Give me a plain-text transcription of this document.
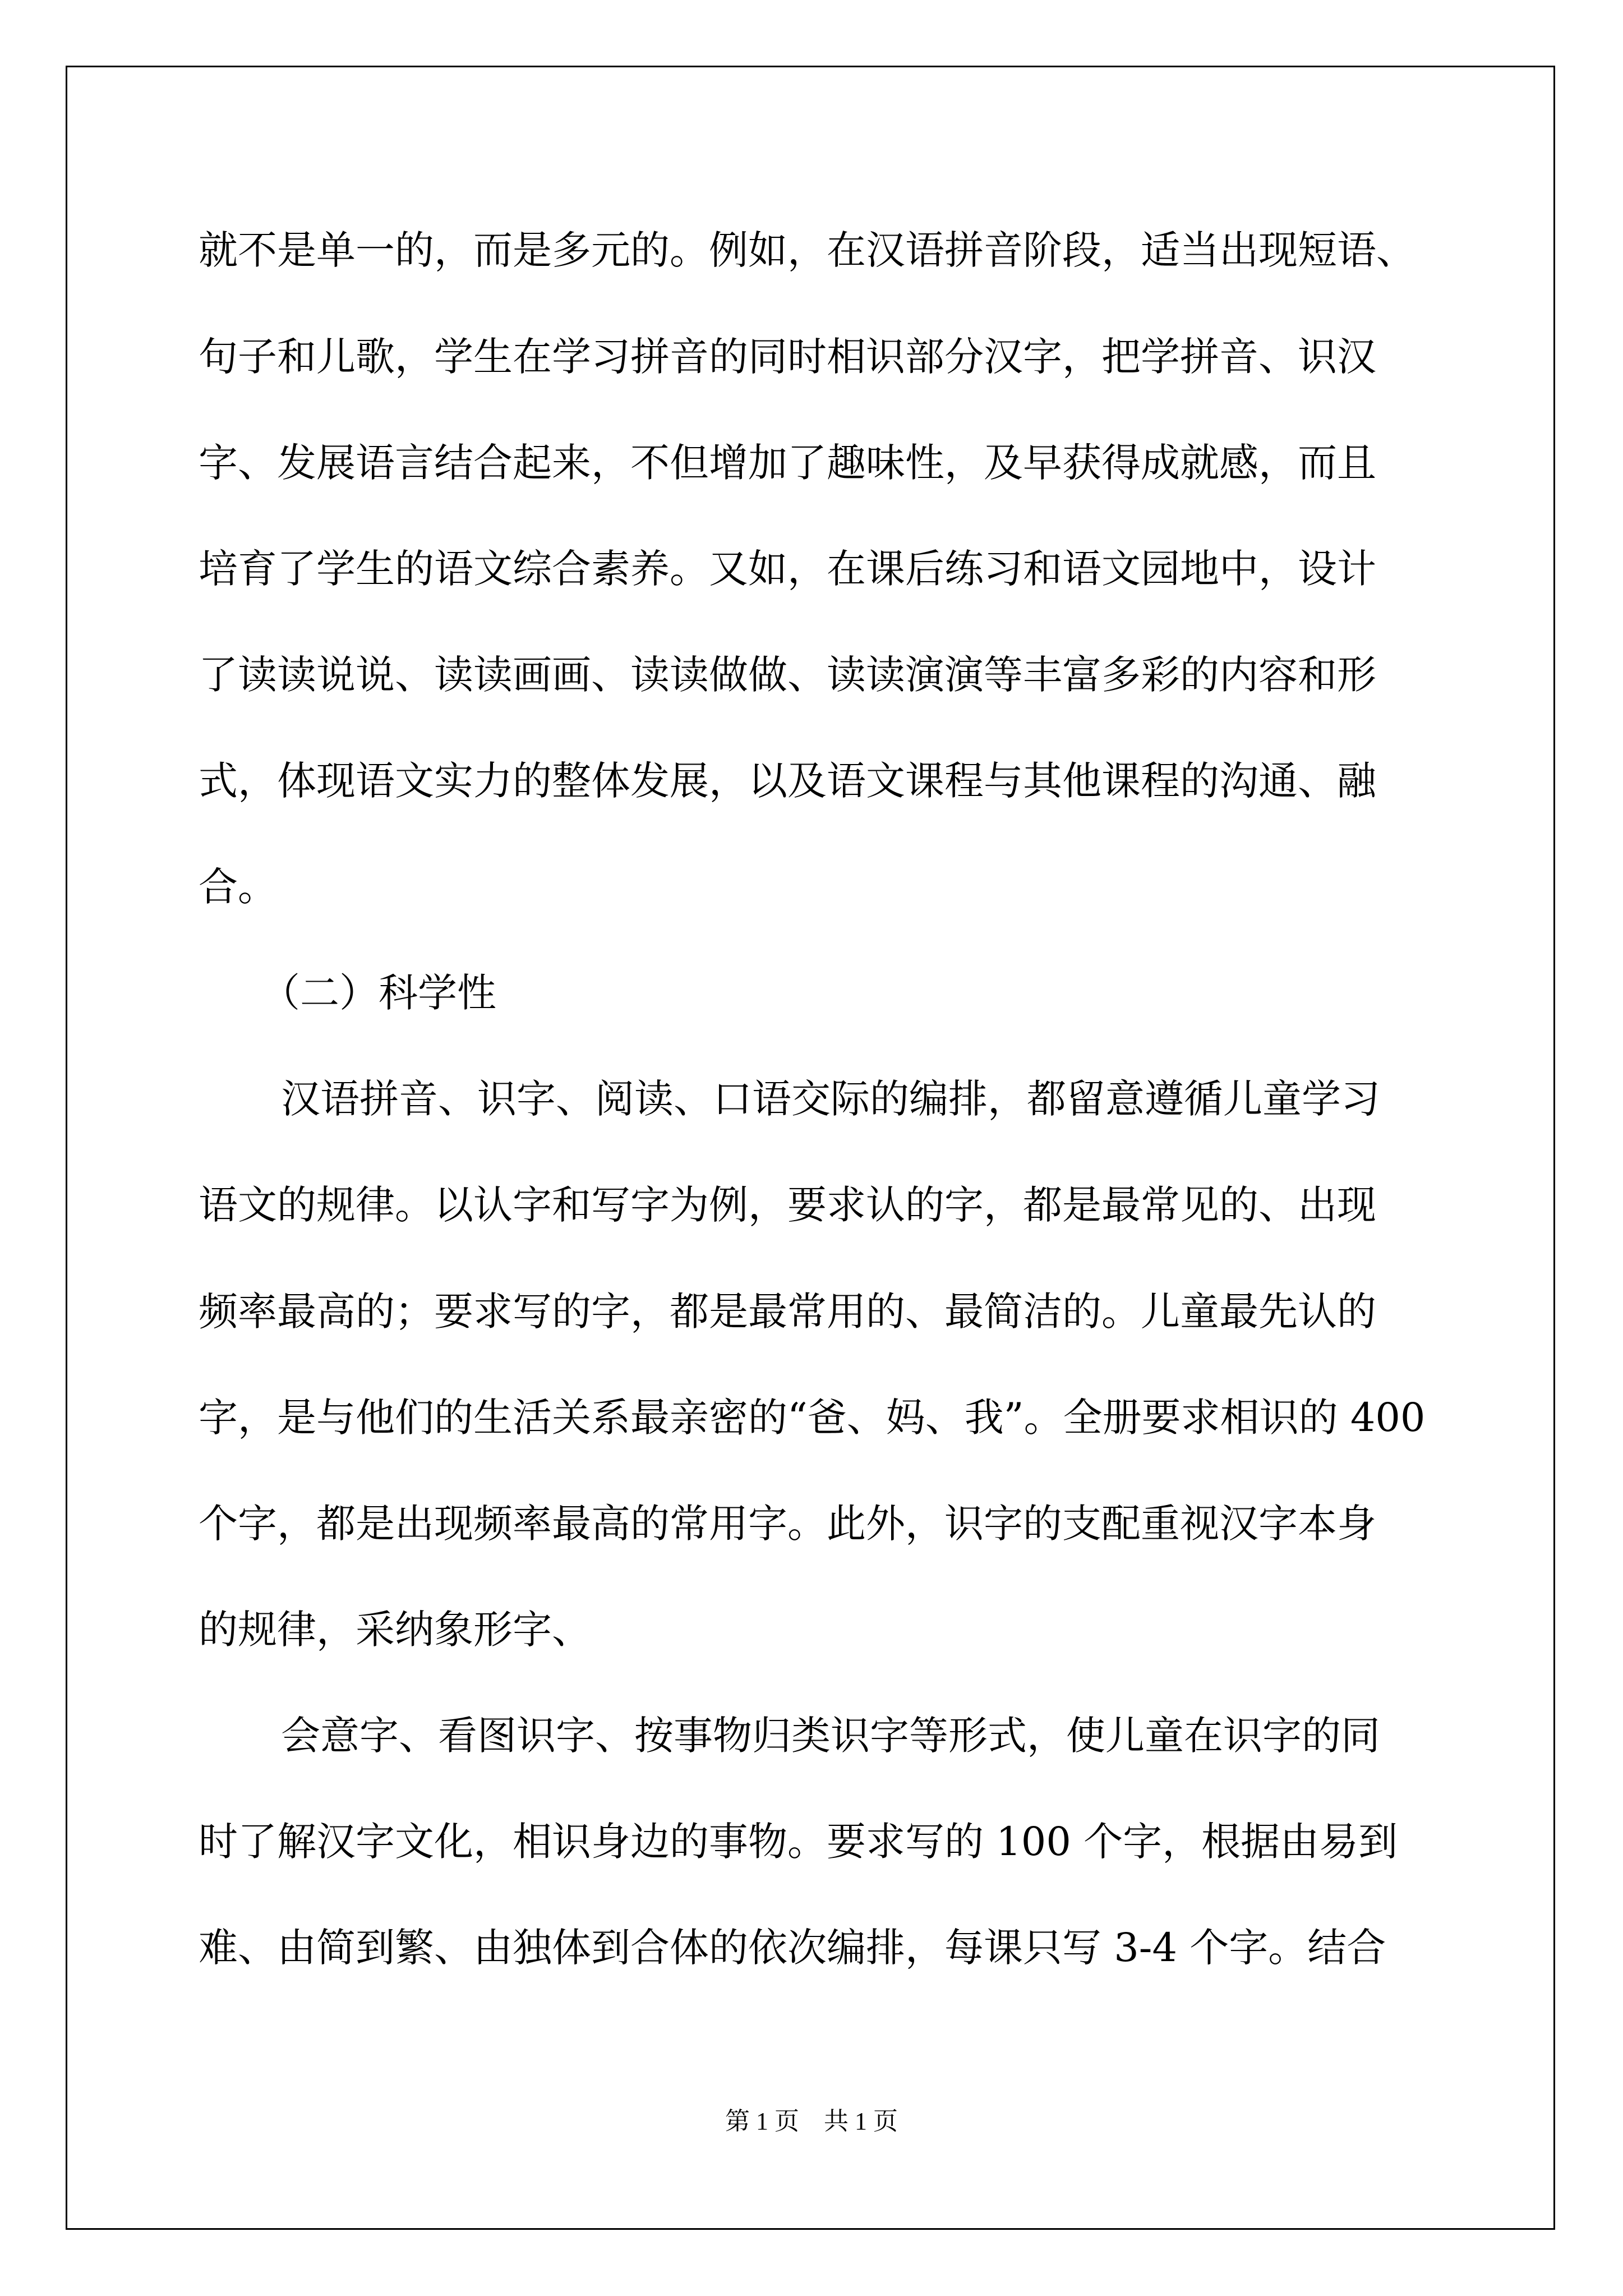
就不是单一的，而是多元的。例如，在汉语拼音阶段，适当出现短语、
句子和儿歌，学生在学习拼音的同时相识部分汉字，把学拼音、识汉
字、发展语言结合起来，不但增加了趣味性，及早获得成就感，而且
培育了学生的语文综合素养。又如，在课后练习和语文园地中，设计
了读读说说、读读画画、读读做做、读读演演等丰富多彩的内容和形
式，体现语文实力的整体发展，以及语文课程与其他课程的沟通、融
合。
（二）科学性
汉语拼音、识字、阅读、口语交际的编排，都留意遵循儿童学习
语文的规律。以认字和写字为例，要求认的字，都是最常见的、出现
频率最高的；要求写的字，都是最常用的、最简洁的。儿童最先认的
字，是与他们的生活关系最亲密的“爸、妈、我”。全册要求相识的 400
个字，都是出现频率最高的常用字。此外，识字的支配重视汉字本身
的规律，采纳象形字、
会意字、看图识字、按事物归类识字等形式，使儿童在识字的同
时了解汉字文化，相识身边的事物。要求写的 100 个字，根据由易到
难、由简到繁、由独体到合体的依次编排，每课只写 3-4 个字。结合
第 1 页　共 1 页
